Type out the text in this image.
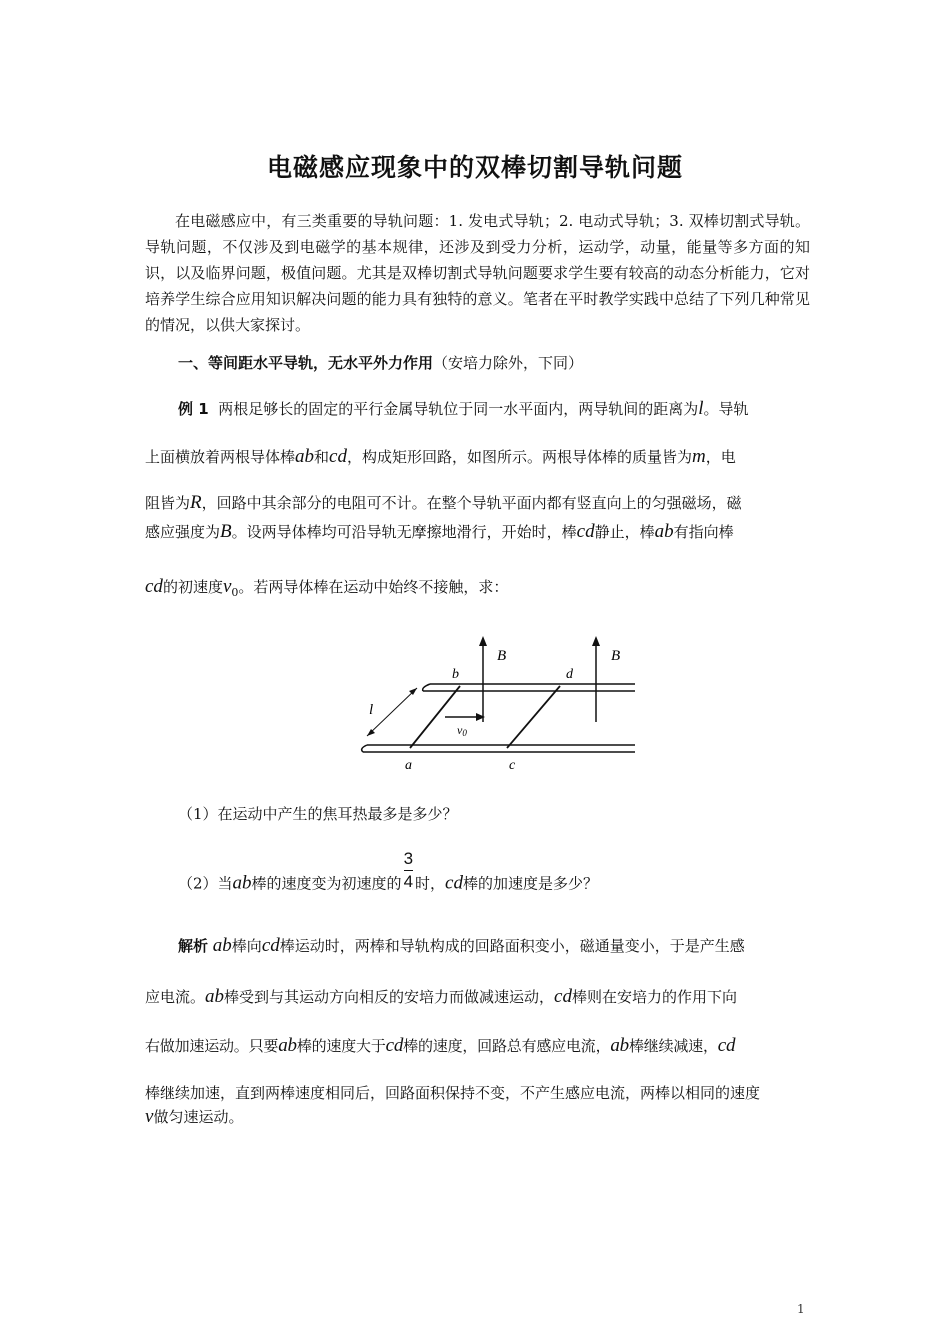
电磁感应现象中的双棒切割导轨问题
在电磁感应中，有三类重要的导轨问题：1. 发电式导轨；2. 电动式导轨；3. 双棒切割式导轨。导轨问题，不仅涉及到电磁学的基本规律，还涉及到受力分析，运动学，动量，能量等多方面的知识，以及临界问题，极值问题。尤其是双棒切割式导轨问题要求学生要有较高的动态分析能力，它对培养学生综合应用知识解决问题的能力具有独特的意义。笔者在平时教学实践中总结了下列几种常见的情况，以供大家探讨。
一、等间距水平导轨，无水平外力作用（安培力除外，下同）
例 1 两根足够长的固定的平行金属导轨位于同一水平面内，两导轨间的距离为l。导轨
上面横放着两根导体棒ab和cd，构成矩形回路，如图所示。两根导体棒的质量皆为m，电
阻皆为R，回路中其余部分的电阻可不计。在整个导轨平面内都有竖直向上的匀强磁场，磁
感应强度为B。设两导体棒均可沿导轨无摩擦地滑行，开始时，棒cd静止，棒ab有指向棒
cd的初速度$v_0$。若两导体棒在运动中始终不接触，求：
B	B
b	d
a	c
l
v0
（1）在运动中产生的焦耳热最多是多少？
（2）当ab棒的速度变为初速度的 $\frac{3}{4}$ 时，cd棒的加速度是多少？
解析 ab棒向cd棒运动时，两棒和导轨构成的回路面积变小，磁通量变小，于是产生感
应电流。ab棒受到与其运动方向相反的安培力而做减速运动，cd棒则在安培力的作用下向
右做加速运动。只要ab棒的速度大于cd棒的速度，回路总有感应电流，ab棒继续减速，cd
棒继续加速，直到两棒速度相同后，回路面积保持不变，不产生感应电流，两棒以相同的速度
v做匀速运动。
1
